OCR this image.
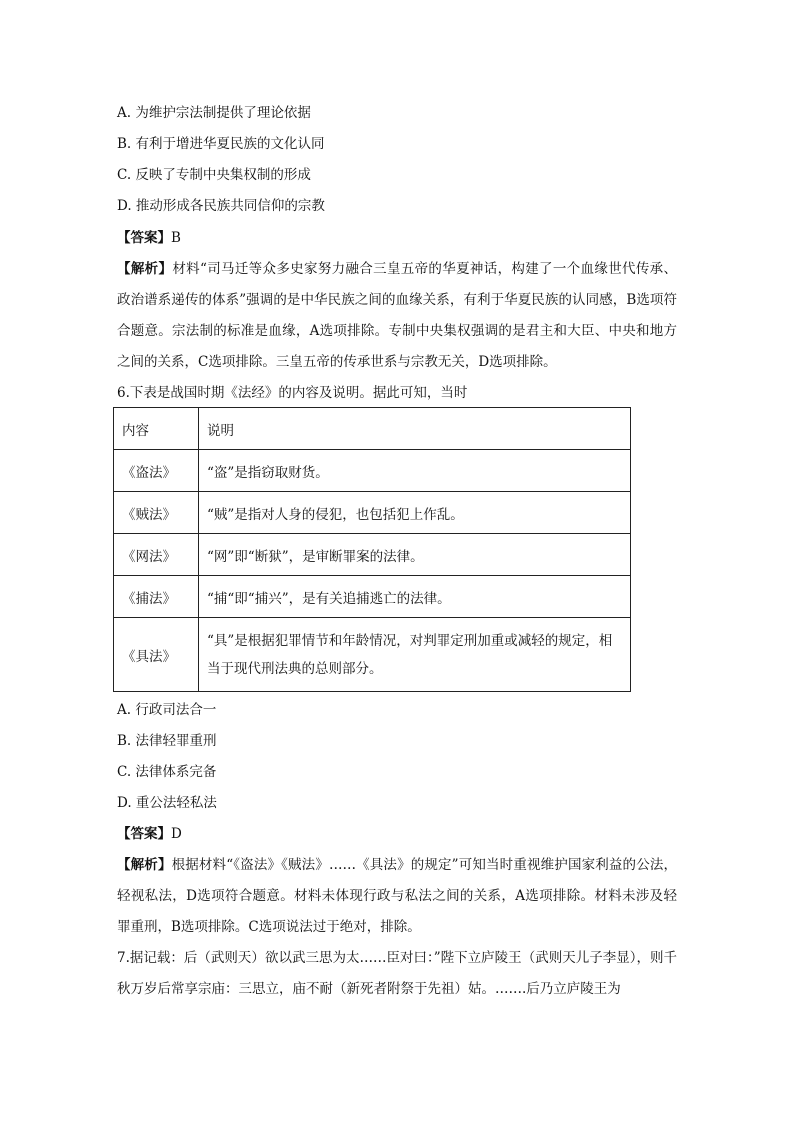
A. 为维护宗法制提供了理论依据
B. 有利于增进华夏民族的文化认同
C. 反映了专制中央集权制的形成
D. 推动形成各民族共同信仰的宗教
【答案】B
【解析】材料“司马迁等众多史家努力融合三皇五帝的华夏神话，构建了一个血缘世代传承、政治谱系递传的体系”强调的是中华民族之间的血缘关系，有利于华夏民族的认同感，B选项符合题意。宗法制的标准是血缘，A选项排除。专制中央集权强调的是君主和大臣、中央和地方之间的关系，C选项排除。三皇五帝的传承世系与宗教无关，D选项排除。
6.下表是战国时期《法经》的内容及说明。据此可知，当时
内容	说明
《盗法》	“盗”是指窃取财货。
《贼法》	“贼”是指对人身的侵犯，也包括犯上作乱。
《网法》	“网”即“断狱”，是审断罪案的法律。
《捕法》	“捕“即“捕兴”，是有关追捕逃亡的法律。
《具法》	“具”是根据犯罪情节和年龄情况，对判罪定刑加重或减轻的规定，相当于现代刑法典的总则部分。
A. 行政司法合一
B. 法律轻罪重刑
C. 法律体系完备
D. 重公法轻私法
【答案】D
【解析】根据材料“《盗法》《贼法》……《具法》的规定”可知当时重视维护国家利益的公法，轻视私法，D选项符合题意。材料未体现行政与私法之间的关系，A选项排除。材料未涉及轻罪重刑，B选项排除。C选项说法过于绝对，排除。
7.据记载：后（武则天）欲以武三思为太……臣对曰：”陛下立庐陵王（武则天儿子李显），则千秋万岁后常享宗庙：三思立，庙不耐（新死者附祭于先祖）姑。…….后乃立庐陵王为
